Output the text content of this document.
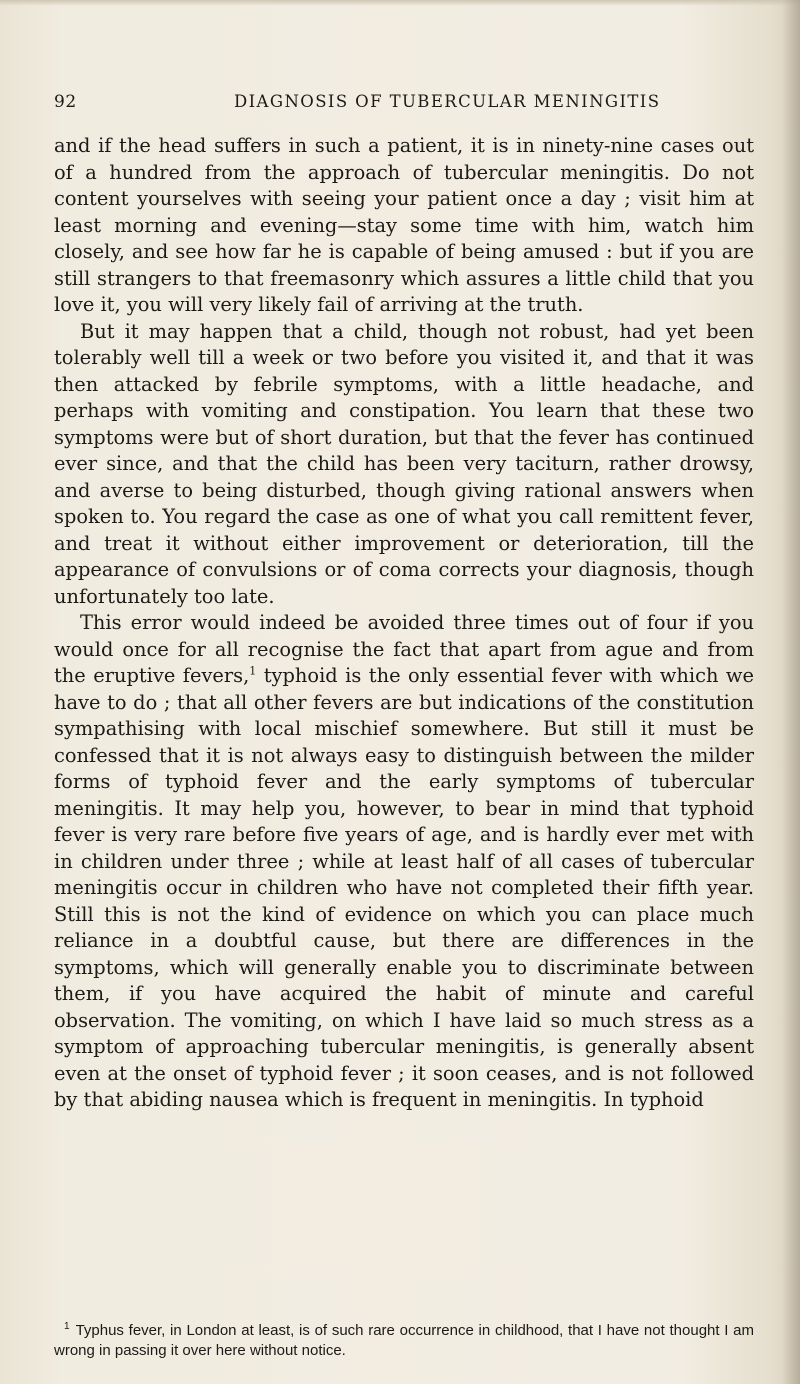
92	DIAGNOSIS OF TUBERCULAR MENINGITIS

and if the head suffers in such a patient, it is in ninety-nine cases out of a hundred from the approach of tubercular meningitis. Do not content yourselves with seeing your patient once a day ; visit him at least morning and evening—stay some time with him, watch him closely, and see how far he is capable of being amused : but if you are still strangers to that freemasonry which assures a little child that you love it, you will very likely fail of arriving at the truth.

But it may happen that a child, though not robust, had yet been tolerably well till a week or two before you visited it, and that it was then attacked by febrile symptoms, with a little headache, and perhaps with vomiting and constipation. You learn that these two symptoms were but of short duration, but that the fever has continued ever since, and that the child has been very taciturn, rather drowsy, and averse to being disturbed, though giving rational answers when spoken to. You regard the case as one of what you call remittent fever, and treat it without either improvement or deterioration, till the appearance of convulsions or of coma corrects your diagnosis, though unfortunately too late.

This error would indeed be avoided three times out of four if you would once for all recognise the fact that apart from ague and from the eruptive fevers,$^1$ typhoid is the only essential fever with which we have to do ; that all other fevers are but indications of the constitution sympathising with local mischief somewhere. But still it must be confessed that it is not always easy to distinguish between the milder forms of typhoid fever and the early symptoms of tubercular meningitis. It may help you, however, to bear in mind that typhoid fever is very rare before five years of age, and is hardly ever met with in children under three ; while at least half of all cases of tubercular meningitis occur in children who have not completed their fifth year. Still this is not the kind of evidence on which you can place much reliance in a doubtful cause, but there are differences in the symptoms, which will generally enable you to discriminate between them, if you have acquired the habit of minute and careful observation. The vomiting, on which I have laid so much stress as a symptom of approaching tubercular meningitis, is generally absent even at the onset of typhoid fever ; it soon ceases, and is not followed by that abiding nausea which is frequent in meningitis. In typhoid

$^1$ Typhus fever, in London at least, is of such rare occurrence in childhood, that I have not thought I am wrong in passing it over here without notice.
